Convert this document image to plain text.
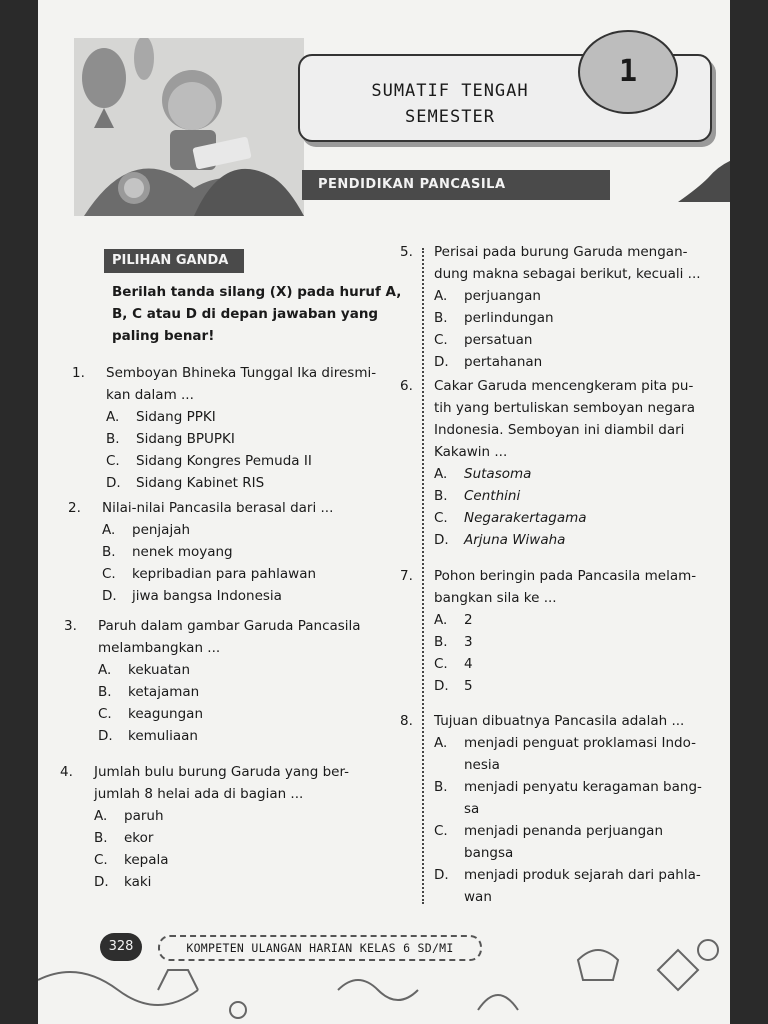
SUMATIF TENGAH
SEMESTER
1
PENDIDIKAN PANCASILA
PILIHAN GANDA
Berilah tanda silang (X) pada huruf A, B, C atau D di depan jawaban yang paling benar!
1. Semboyan Bhineka Tunggal Ika diresmi- kan dalam ...
A.	Sidang PPKI
B.	Sidang BPUPKI
C.	Sidang Kongres Pemuda II
D.	Sidang Kabinet RIS
2. Nilai-nilai Pancasila berasal dari ...
A.	penjajah
B.	nenek moyang
C.	kepribadian para pahlawan
D.	jiwa bangsa Indonesia
3. Paruh dalam gambar Garuda Pancasila melambangkan ...
A.	kekuatan
B.	ketajaman
C.	keagungan
D.	kemuliaan
4. Jumlah bulu burung Garuda yang ber- jumlah 8 helai ada di bagian ...
A.	paruh
B.	ekor
C.	kepala
D.	kaki
5. Perisai pada burung Garuda mengan- dung makna sebagai berikut, kecuali ...
A.	perjuangan
B.	perlindungan
C.	persatuan
D.	pertahanan
6. Cakar Garuda mencengkeram pita pu- tih yang bertuliskan semboyan negara Indonesia. Semboyan ini diambil dari Kakawin ...
A.	Sutasoma
B.	Centhini
C.	Negarakertagama
D.	Arjuna Wiwaha
7. Pohon beringin pada Pancasila melam- bangkan sila ke ...
A.	2
B.	3
C.	4
D.	5
8. Tujuan dibuatnya Pancasila adalah ...
A.	menjadi penguat proklamasi Indo- nesia
B.	menjadi penyatu keragaman bang- sa
C.	menjadi penanda perjuangan bangsa
D.	menjadi produk sejarah dari pahla- wan
328	KOMPETEN ULANGAN HARIAN KELAS 6 SD/MI
